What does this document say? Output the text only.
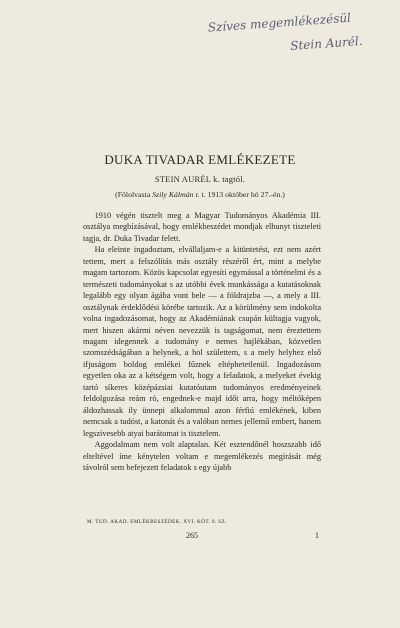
Szíves megemlékezésül
Stein Aurél.
DUKA TIVADAR EMLÉKEZETE
STEIN AURÉL k. tagtól.
(Fölolvasta Szily Kálmán r. t. 1913 október hó 27.-én.)

1910 végén tisztelt meg a Magyar Tudományos Akadémia III. osztálya megbízásával, hogy emlékbeszédet mondjak elhunyt tiszteleti tagja, dr. Duka Tivadar felett.

Ha eleinte ingadoztam, elvállaljam-e a kitüntetést, ezt nem azért tettem, mert a felszólítás más osztály részéről ért, mint a melybe magam tartozom. Közös kapcsolat egyesíti egymással a történelmi és a természeti tudományokat s az utóbbi évek munkássága a kutatásoknak legalább egy olyan ágába vont bele — a földrajzba —, a mely a III. osztálynak érdeklődési körébe tartozik. Az a körülmény sem indokolta volna ingadozásomat, hogy az Akadémiának csupán kültagja vagyok, mert hiszen akármi néven nevezzük is tagságomat, nem éreztettem magam idegennek a tudomány e nemes hajlékában, közvetlen szomszédságában a helynek, a hol születtem, s a mely helyhez első ifjuságom boldog emlékei fűznek eltéphetetlenül. Ingadozásom egyetlen oka az a kétségem volt, hogy a feladatok, a melyeket évekig tartó síkeres középázsiai kutatóutam tudományos eredményeinek feldolgozása reám ró, engednek-e majd időt arra, hogy méltóképen áldozhassak ily ünnepi alkalommal azon férfiú emlékének, kiben nemcsak a tudóst, a katonát és a valóban nemes jellemű embert, hanem legszívesebb atyai barátomat is tisztelem.

Aggodalmam nem volt alaptalan. Két esztendőnél hoszszabb idő elteltével íme kénytelen voltam e megemlékezés megírását még távolról sem befejezett feladatok s egy újabb

M. TUD. AKAD. EMLÉKBESZÉDEK. XVI. KÖT. 9. SZ.
265	1
